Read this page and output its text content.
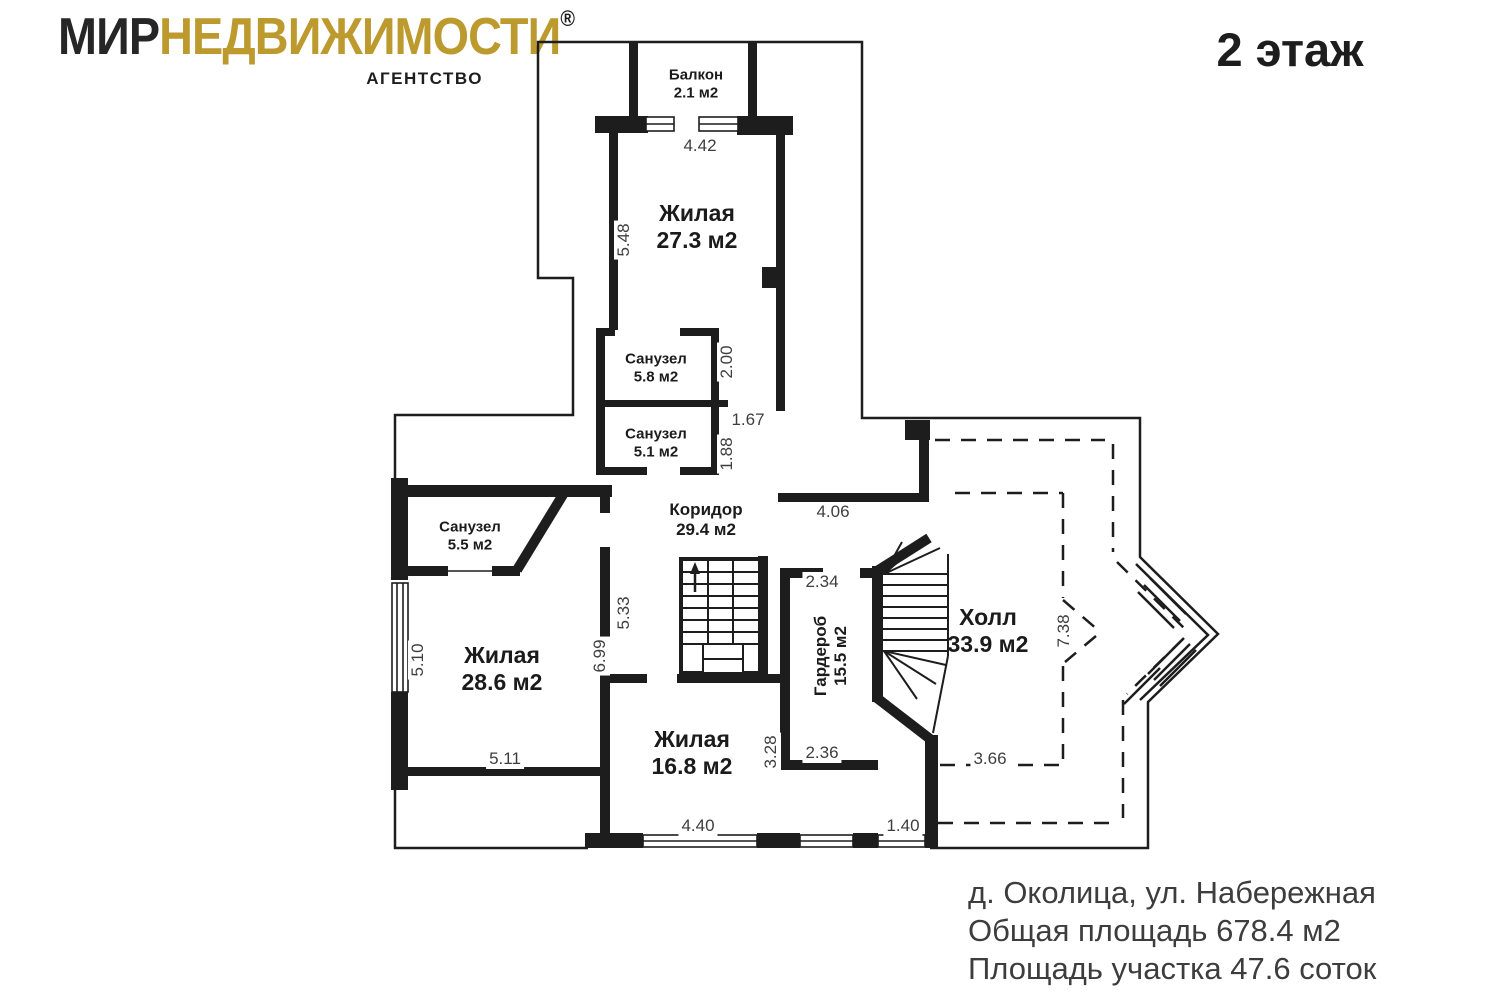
МИРНЕДВИЖИМОСТИ®
АГЕНТСТВО
2 этаж
Балкон
2.1 м2
Жилая
27.3 м2
Санузел
5.8 м2
Санузел
5.1 м2
Санузел
5.5 м2
Коридор
29.4 м2
Гардероб 15.5 м2
Холл
33.9 м2
Жилая
28.6 м2
Жилая
16.8 м2
4.42
5.48
2.00
1.67
1.88
4.06
5.33
6.99
5.10
5.11
4.40
3.28 2.36
2.34
1.40
3.66
7.38
д. Околица, ул. Набережная
Общая площадь 678.4 м2
Площадь участка 47.6 соток
